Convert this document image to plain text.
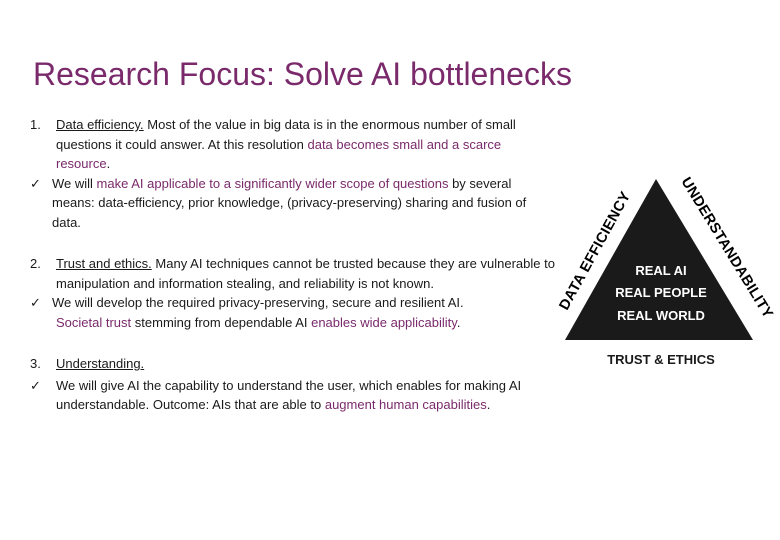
Research Focus: Solve AI bottlenecks
1.	Data efficiency. Most of the value in big data is in the enormous number of small questions it could answer. At this resolution data becomes small and a scarce resource.
✓ We will make AI applicable to a significantly wider scope of questions by several means: data-efficiency, prior knowledge, (privacy-preserving) sharing and fusion of data.
2.	Trust and ethics. Many AI techniques cannot be trusted because they are vulnerable to manipulation and information stealing, and reliability is not known.
✓ We will develop the required privacy-preserving, secure and resilient AI.
Societal trust stemming from dependable AI enables wide applicability.
3.	Understanding.
✓ We will give AI the capability to understand the user, which enables for making AI understandable. Outcome: AIs that are able to augment human capabilities.
DATA EFFICIENCY
UNDERSTANDABILITY
REAL AI
REAL PEOPLE
REAL WORLD
TRUST & ETHICS
